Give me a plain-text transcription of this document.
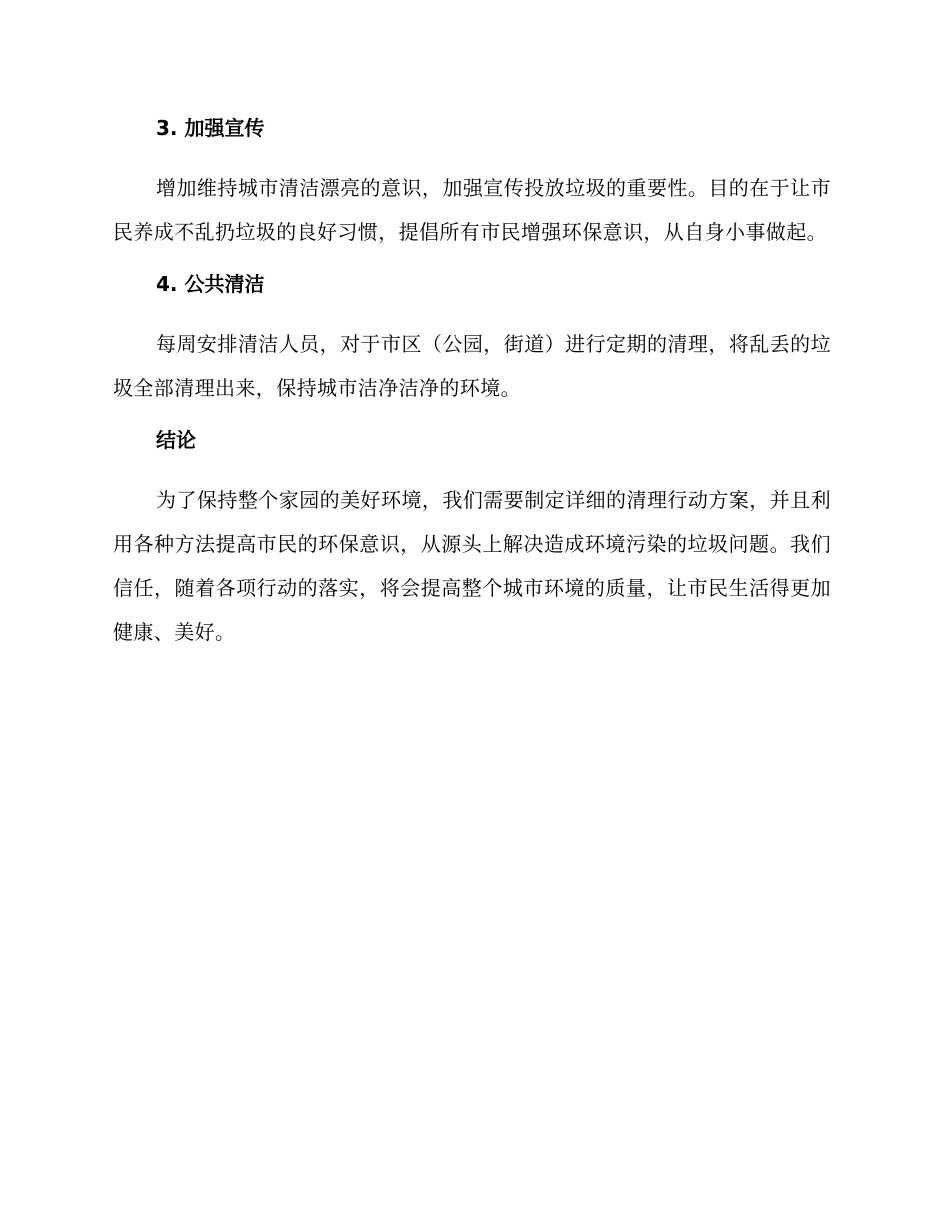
3. 加强宣传

增加维持城市清洁漂亮的意识，加强宣传投放垃圾的重要性。目的在于让市民养成不乱扔垃圾的良好习惯，提倡所有市民增强环保意识，从自身小事做起。

4. 公共清洁

每周安排清洁人员，对于市区（公园，街道）进行定期的清理，将乱丢的垃圾全部清理出来，保持城市洁净洁净的环境。

结论

为了保持整个家园的美好环境，我们需要制定详细的清理行动方案，并且利用各种方法提高市民的环保意识，从源头上解决造成环境污染的垃圾问题。我们信任，随着各项行动的落实，将会提高整个城市环境的质量，让市民生活得更加健康、美好。
